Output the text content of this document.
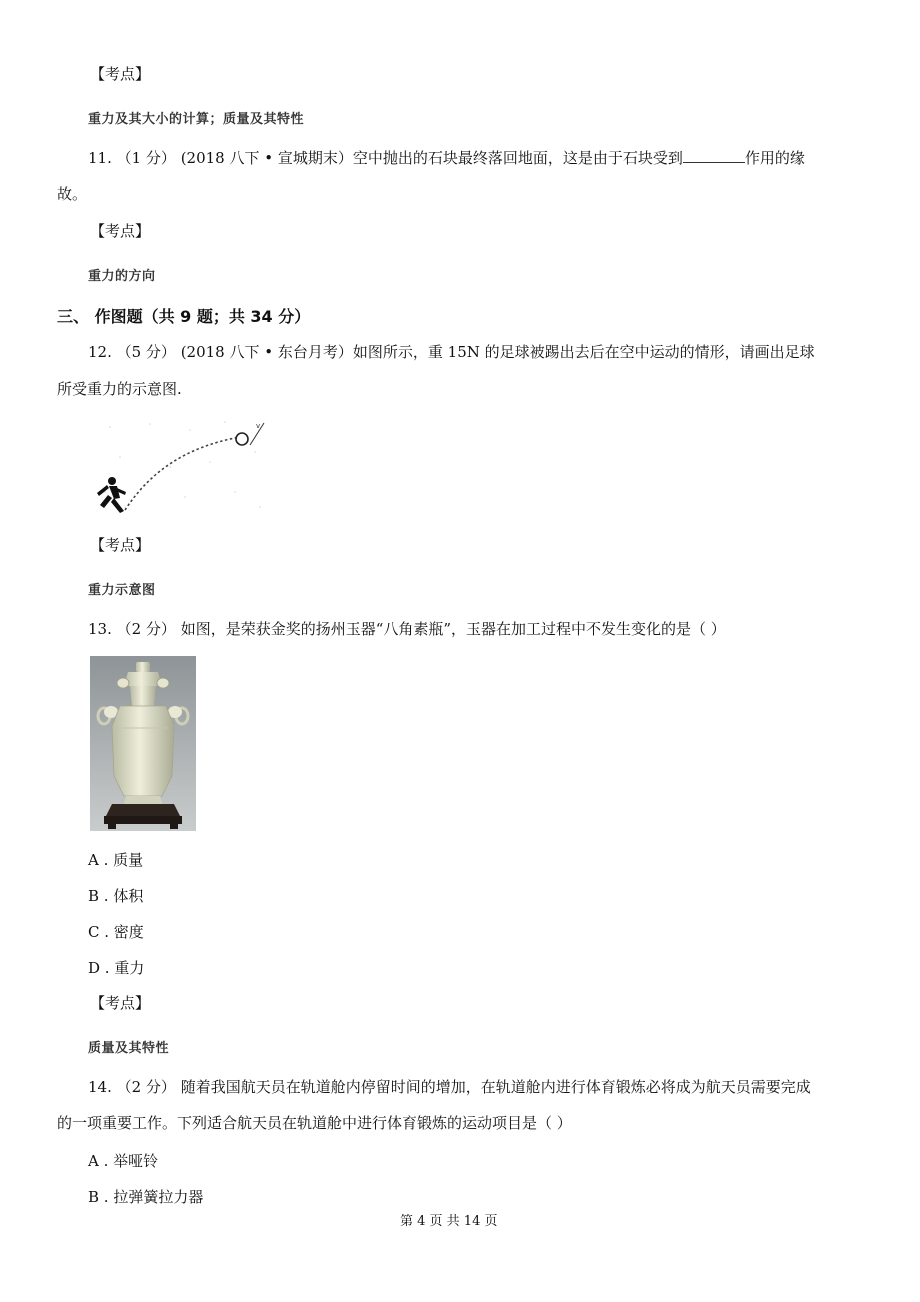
【考点】
重力及其大小的计算；质量及其特性
11. （1 分） (2018 八下 • 宣城期末）空中抛出的石块最终落回地面，这是由于石块受到	作用的缘
故。
【考点】
重力的方向
三、 作图题（共 9 题；共 34 分）
12. （5 分） (2018 八下 • 东台月考）如图所示，重 15N 的足球被踢出去后在空中运动的情形，请画出足球
所受重力的示意图.
v
【考点】
重力示意图
13. （2 分） 如图，是荣获金奖的扬州玉器“八角素瓶”，玉器在加工过程中不发生变化的是（ ）
A . 质量
B . 体积
C . 密度
D . 重力
【考点】
质量及其特性
14. （2 分） 随着我国航天员在轨道舱内停留时间的增加，在轨道舱内进行体育锻炼必将成为航天员需要完成
的一项重要工作。下列适合航天员在轨道舱中进行体育锻炼的运动项目是（ ）
A . 举哑铃
B . 拉弹簧拉力器
第 4 页 共 14 页
